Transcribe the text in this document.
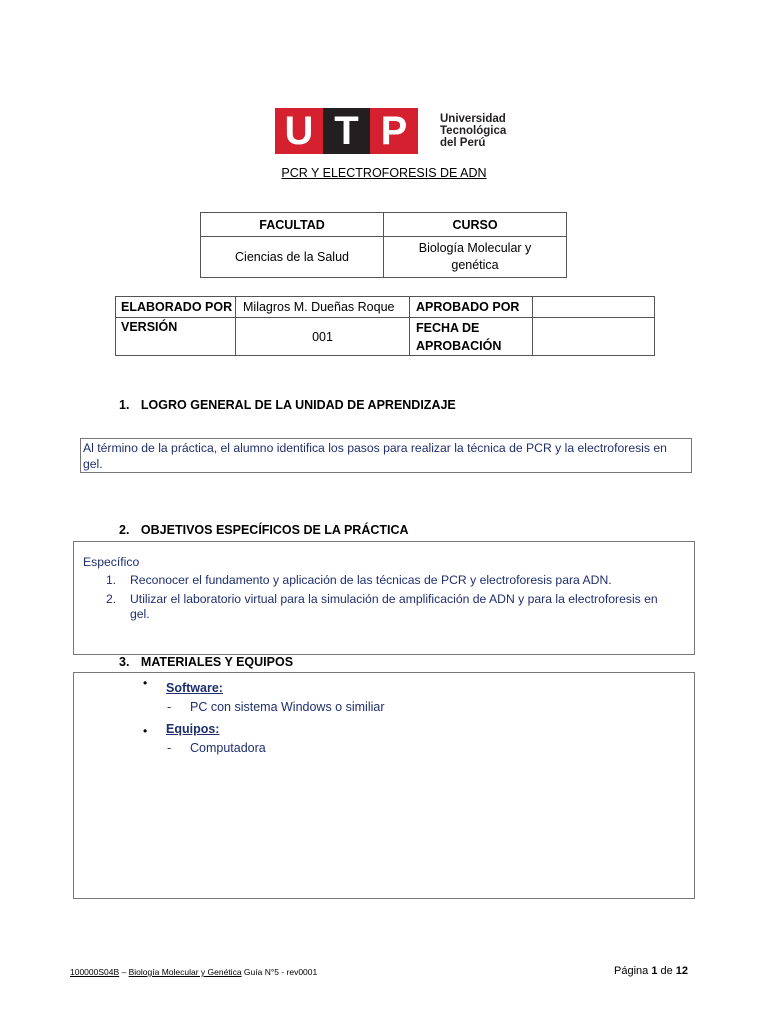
U T P	Universidad
Tecnológica
del Perú
PCR Y ELECTROFORESIS DE ADN
FACULTAD	CURSO
Ciencias de la Salud	Biología Molecular y
genética
ELABORADO POR	Milagros M. Dueñas Roque	APROBADO POR	
VERSIÓN	001	FECHA DE
APROBACIÓN	

1. LOGRO GENERAL DE LA UNIDAD DE APRENDIZAJE
Al término de la práctica, el alumno identifica los pasos para realizar la técnica de PCR y la electroforesis en
gel.
2. OBJETIVOS ESPECÍFICOS DE LA PRÁCTICA
Específico
1. Reconocer el fundamento y aplicación de las técnicas de PCR y electroforesis para ADN.
2. Utilizar el laboratorio virtual para la simulación de amplificación de ADN y para la electroforesis en
gel.
3. MATERIALES Y EQUIPOS
• Software:
- PC con sistema Windows o similiar
• Equipos:
- Computadora
100000S04B – Biología Molecular y Genética Guía N°5 - rev0001	Página 1 de 12
